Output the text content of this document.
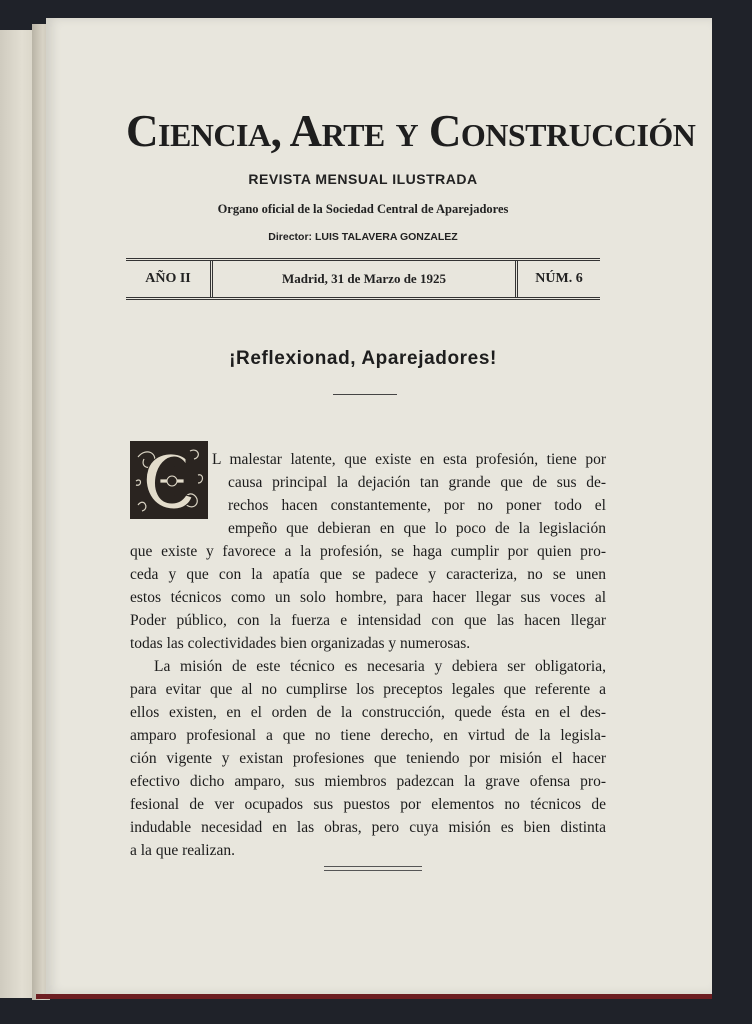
Ciencia, Arte y Construcción
REVISTA MENSUAL ILUSTRADA
Organo oficial de la Sociedad Central de Aparejadores
Director: LUIS TALAVERA GONZALEZ
AÑO II	Madrid, 31 de Marzo de 1925	NÚM. 6
¡Reflexionad, Aparejadores!
L malestar latente, que existe en esta profesión, tiene por
causa principal la dejación tan grande que de sus de-
rechos hacen constantemente, por no poner todo el
empeño que debieran en que lo poco de la legislación
que existe y favorece a la profesión, se haga cumplir por quien pro-
ceda y que con la apatía que se padece y caracteriza, no se unen
estos técnicos como un solo hombre, para hacer llegar sus voces al
Poder público, con la fuerza e intensidad con que las hacen llegar
todas las colectividades bien organizadas y numerosas.
La misión de este técnico es necesaria y debiera ser obligatoria,
para evitar que al no cumplirse los preceptos legales que referente a
ellos existen, en el orden de la construcción, quede ésta en el des-
amparo profesional a que no tiene derecho, en virtud de la legisla-
ción vigente y existan profesiones que teniendo por misión el hacer
efectivo dicho amparo, sus miembros padezcan la grave ofensa pro-
fesional de ver ocupados sus puestos por elementos no técnicos de
indudable necesidad en las obras, pero cuya misión es bien distinta
a la que realizan.
